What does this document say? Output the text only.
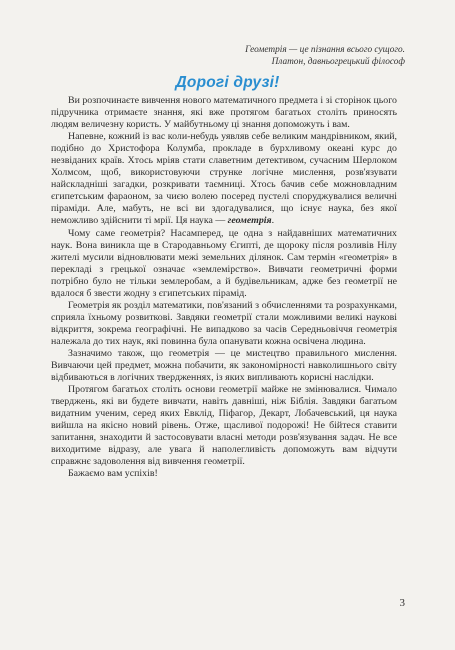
Геометрія — це пізнання всього сущого.
Платон, давньогрецький філософ
Дорогі друзі!

Ви розпочинаєте вивчення нового математичного предмета і зі сторінок цього підручника отримаєте знання, які вже протягом багатьох століть приносять людям величезну користь. У майбутньому ці знання допоможуть і вам.

Напевне, кожний із вас коли-небудь уявляв себе великим мандрівником, який, подібно до Христофора Колумба, прокладе в бурхливому океані курс до незвіданих країв. Хтось мріяв стати славетним детективом, сучасним Шерлоком Холмсом, щоб, використовуючи струнке логічне мислення, розв'язувати найскладніші загадки, розкривати таємниці. Хтось бачив себе можновладним єгипетським фараоном, за чиєю волею посеред пустелі споруджувалися величні піраміди. Але, мабуть, не всі ви здогадувалися, що існує наука, без якої неможливо здійснити ті мрії. Ця наука — геометрія.

Чому саме геометрія? Насамперед, це одна з найдавніших математичних наук. Вона виникла ще в Стародавньому Єгипті, де щороку після розливів Нілу жителі мусили відновлювати межі земельних ділянок. Сам термін «геометрія» в перекладі з грецької означає «землемірство». Вивчати геометричні форми потрібно було не тільки землеробам, а й будівельникам, адже без геометрії не вдалося б звести жодну з єгипетських пірамід.

Геометрія як розділ математики, пов'язаний з обчисленнями та розрахунками, сприяла їхньому розвиткові. Завдяки геометрії стали можливими великі наукові відкриття, зокрема географічні. Не випадково за часів Середньовіччя геометрія належала до тих наук, які повинна була опанувати кожна освічена людина.

Зазначимо також, що геометрія — це мистецтво правильного мислення. Вивчаючи цей предмет, можна побачити, як закономірності навколишнього світу відбиваються в логічних твердженнях, із яких випливають корисні наслідки.

Протягом багатьох століть основи геометрії майже не змінювалися. Чимало тверджень, які ви будете вивчати, навіть давніші, ніж Біблія. Завдяки багатьом видатним ученим, серед яких Евклід, Піфагор, Декарт, Лобачевський, ця наука вийшла на якісно новий рівень. Отже, щасливої подорожі! Не бійтеся ставити запитання, знаходити й застосовувати власні методи розв'язування задач. Не все виходитиме відразу, але увага й наполегливість допоможуть вам відчути справжнє задоволення від вивчення геометрії.

Бажаємо вам успіхів!

3
